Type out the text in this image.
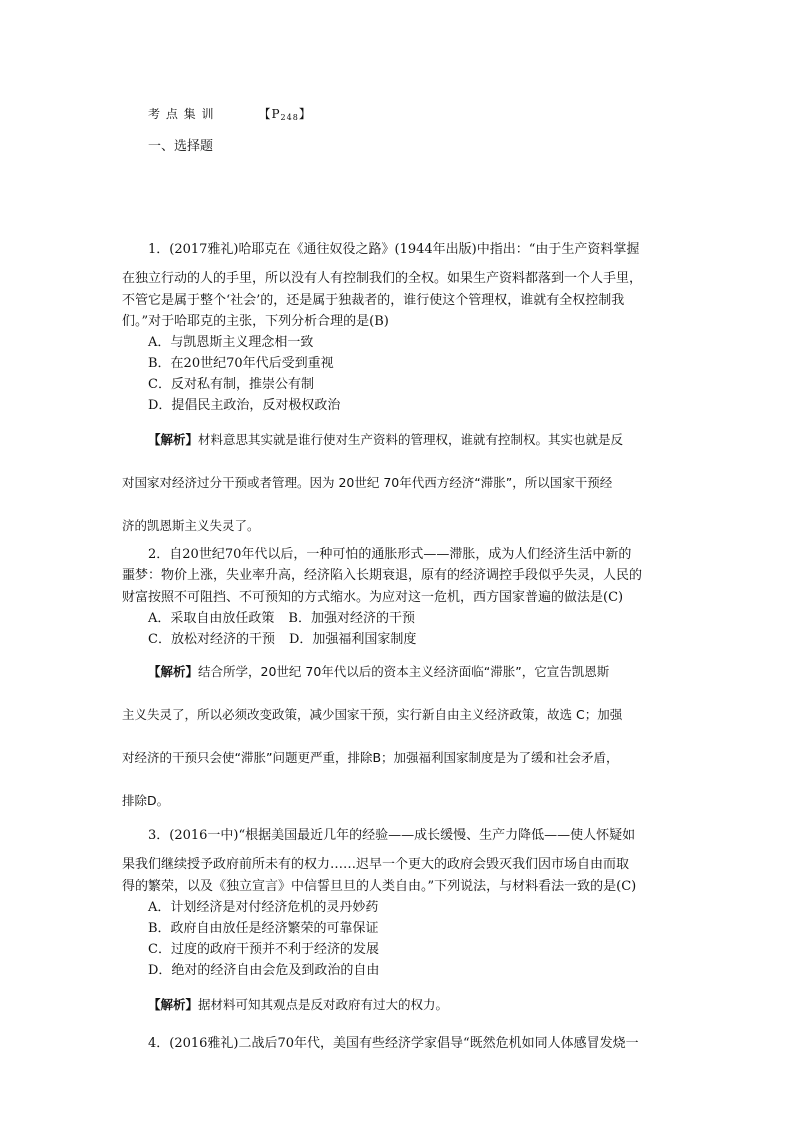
考 点 集 训	【$P_{248}$】
一、选择题
1．(2017雅礼)哈耶克在《通往奴役之路》(1944年出版)中指出：“由于生产资料掌握
在独立行动的人的手里，所以没有人有控制我们的全权。如果生产资料都落到一个人手里，
不管它是属于整个‘社会’的，还是属于独裁者的，谁行使这个管理权，谁就有全权控制我
们。”对于哈耶克的主张，下列分析合理的是(B)
A．与凯恩斯主义理念相一致
B．在20世纪70年代后受到重视
C．反对私有制，推崇公有制
D．提倡民主政治，反对极权政治
【解析】材料意思其实就是谁行使对生产资料的管理权，谁就有控制权。其实也就是反
对国家对经济过分干预或者管理。因为 20世纪 70年代西方经济“滞胀”，所以国家干预经
济的凯恩斯主义失灵了。
2．自20世纪70年代以后，一种可怕的通胀形式——滞胀，成为人们经济生活中新的
噩梦：物价上涨，失业率升高，经济陷入长期衰退，原有的经济调控手段似乎失灵，人民的
财富按照不可阻挡、不可预知的方式缩水。为应对这一危机，西方国家普遍的做法是(C)
A．采取自由放任政策 B．加强对经济的干预
C．放松对经济的干预 D．加强福利国家制度
【解析】结合所学，20世纪 70年代以后的资本主义经济面临“滞胀”，它宣告凯恩斯
主义失灵了，所以必须改变政策，减少国家干预，实行新自由主义经济政策，故选 C；加强
对经济的干预只会使“滞胀”问题更严重，排除B；加强福利国家制度是为了缓和社会矛盾，
排除D。
3．(2016一中)“根据美国最近几年的经验——成长缓慢、生产力降低——使人怀疑如
果我们继续授予政府前所未有的权力……迟早一个更大的政府会毁灭我们因市场自由而取
得的繁荣，以及《独立宣言》中信誓旦旦的人类自由。”下列说法，与材料看法一致的是(C)
A．计划经济是对付经济危机的灵丹妙药
B．政府自由放任是经济繁荣的可靠保证
C．过度的政府干预并不利于经济的发展
D．绝对的经济自由会危及到政治的自由
【解析】据材料可知其观点是反对政府有过大的权力。
4．(2016雅礼)二战后70年代，美国有些经济学家倡导“既然危机如同人体感冒发烧一
